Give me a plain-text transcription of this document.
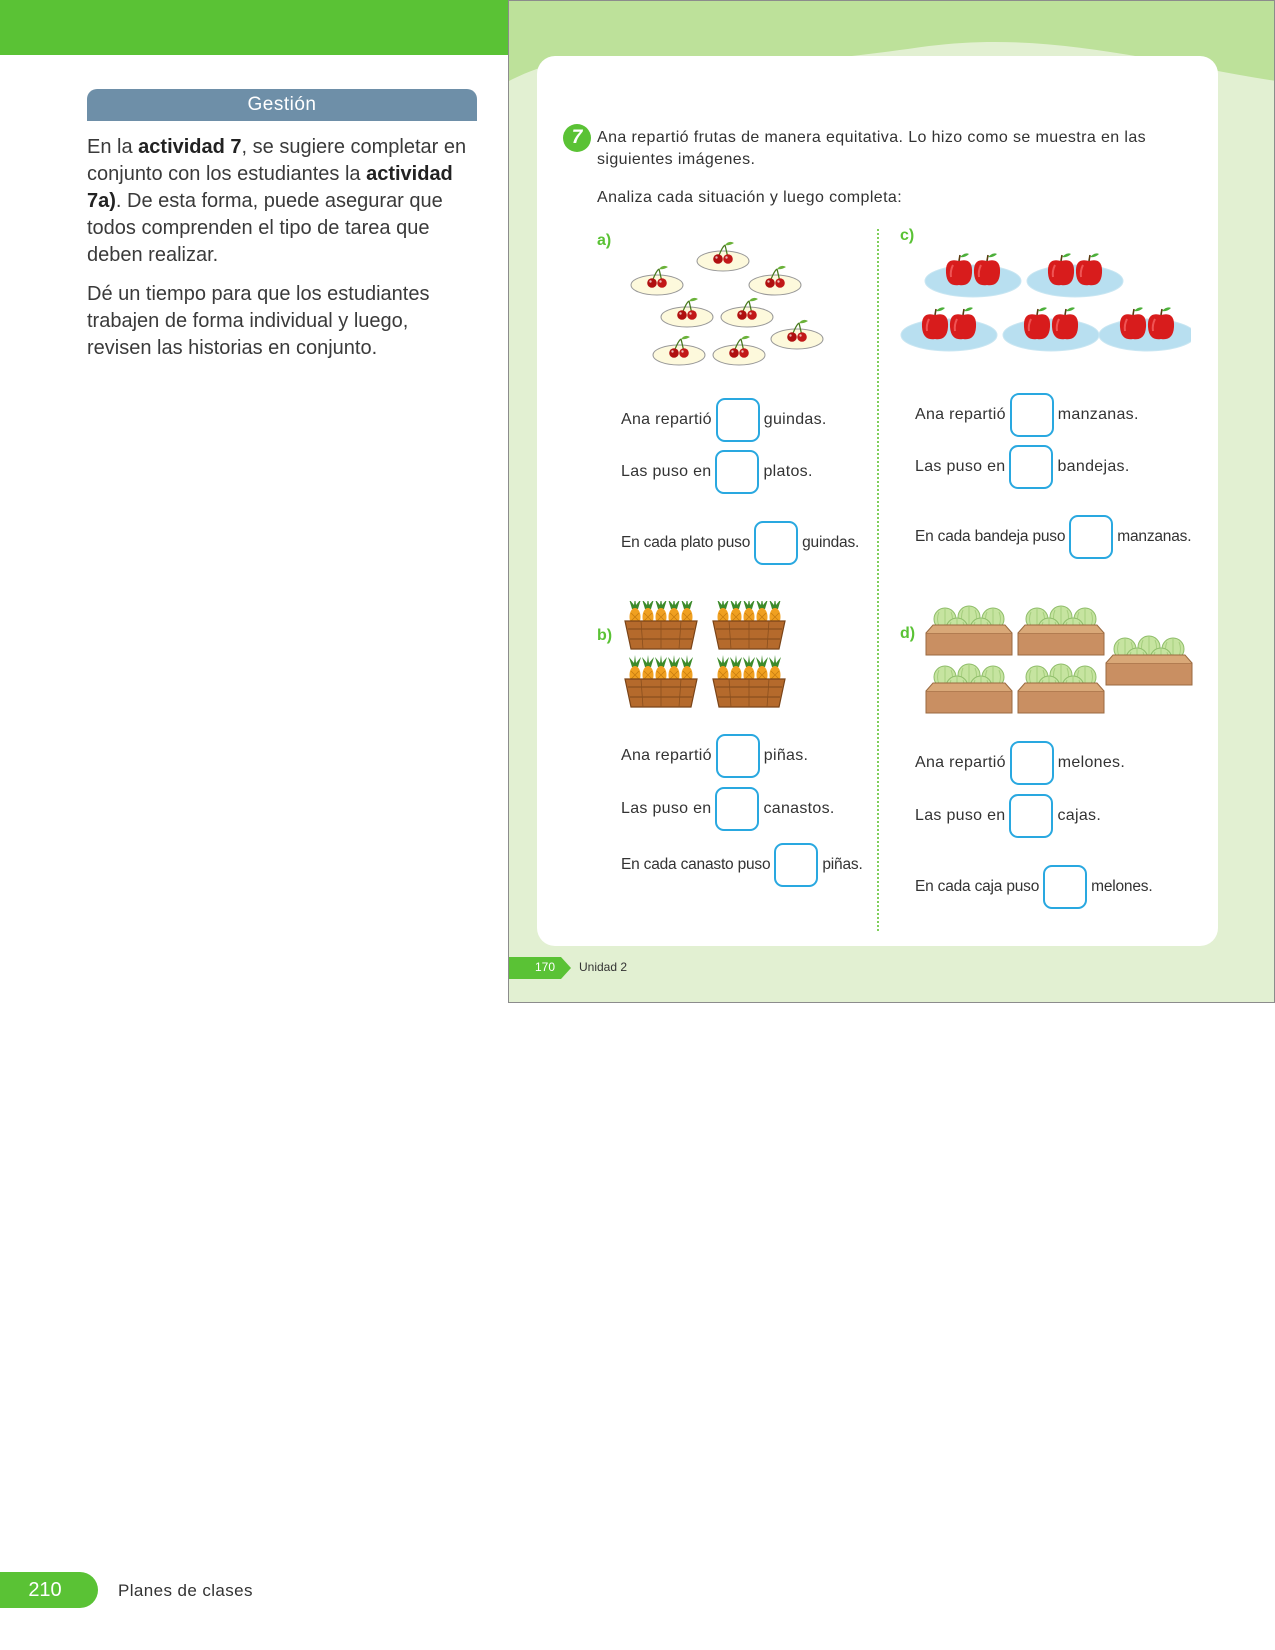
Gestión

En la actividad 7, se sugiere completar en conjunto con los estudiantes la actividad 7a). De esta forma, puede asegurar que todos comprenden el tipo de tarea que deben realizar.

Dé un tiempo para que los estudiantes trabajen de forma individual y luego, revisen las historias en conjunto.

7 Ana repartió frutas de manera equitativa. Lo hizo como se muestra en las siguientes imágenes.
Analiza cada situación y luego completa:
a)
Ana repartió	guindas.
Las puso en	platos.
En cada plato puso	guindas.
b)
Ana repartió	piñas.
Las puso en	canastos.
En cada canasto puso	piñas.
c)
Ana repartió	manzanas.
Las puso en	bandejas.
En cada bandeja puso	manzanas.
d)
Ana repartió	melones.
Las puso en	cajas.
En cada caja puso	melones.
170	Unidad 2
210	Planes de clases
